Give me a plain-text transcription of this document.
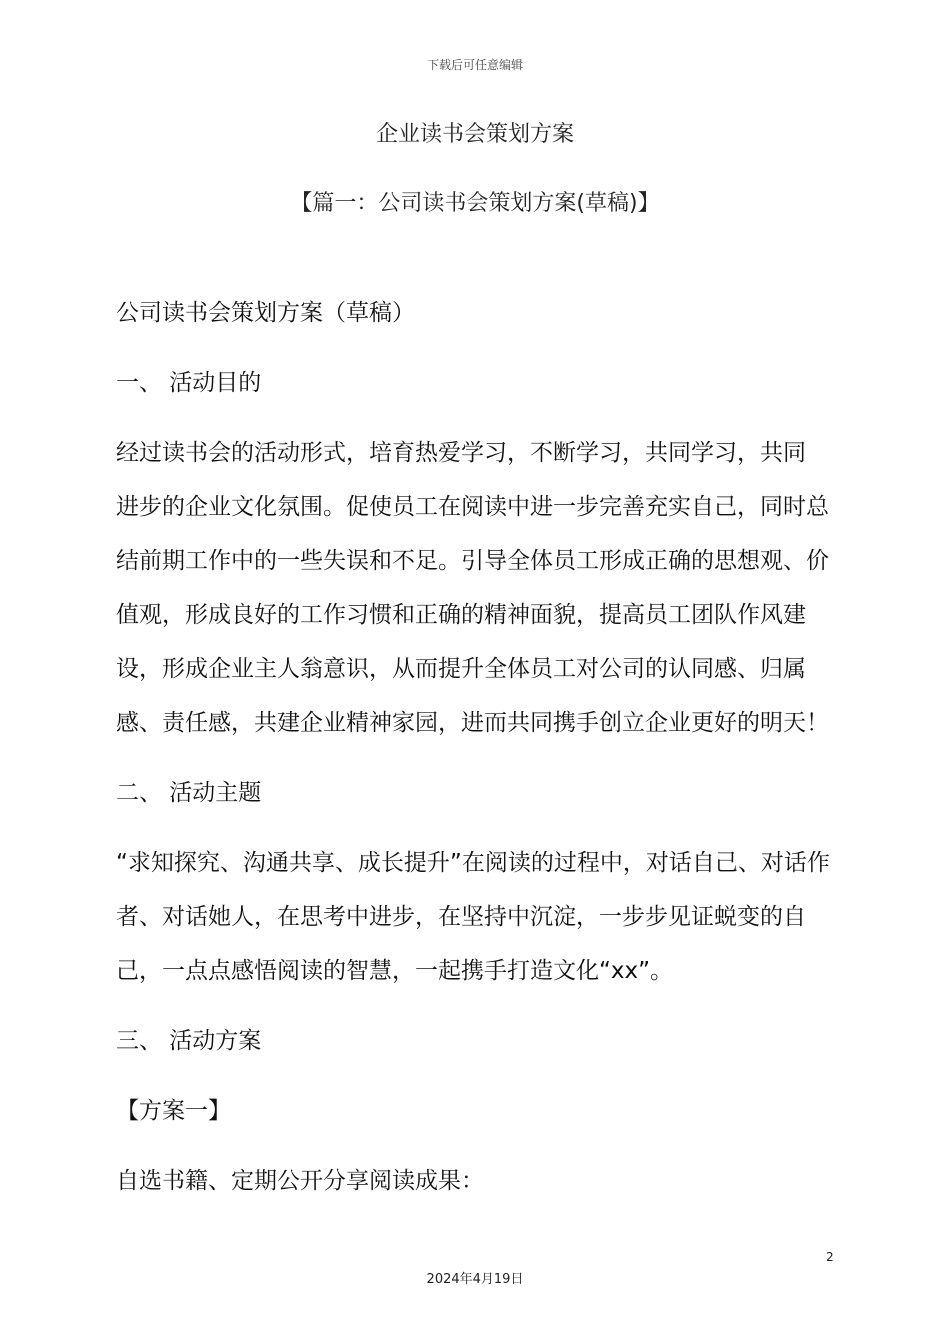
下载后可任意编辑
企业读书会策划方案
【篇一：公司读书会策划方案(草稿)】
公司读书会策划方案（草稿）
一、 活动目的
经过读书会的活动形式，培育热爱学习，不断学习，共同学习，共同
进步的企业文化氛围。促使员工在阅读中进一步完善充实自己，同时总
结前期工作中的一些失误和不足。引导全体员工形成正确的思想观、价
值观，形成良好的工作习惯和正确的精神面貌，提高员工团队作风建
设，形成企业主人翁意识，从而提升全体员工对公司的认同感、归属
感、责任感，共建企业精神家园，进而共同携手创立企业更好的明天！
二、 活动主题
“求知探究、沟通共享、成长提升”在阅读的过程中，对话自己、对话作
者、对话她人，在思考中进步，在坚持中沉淀，一步步见证蜕变的自
己，一点点感悟阅读的智慧，一起携手打造文化“xx”。
三、 活动方案
【方案一】
自选书籍、定期公开分享阅读成果：
2
2024年4月19日
